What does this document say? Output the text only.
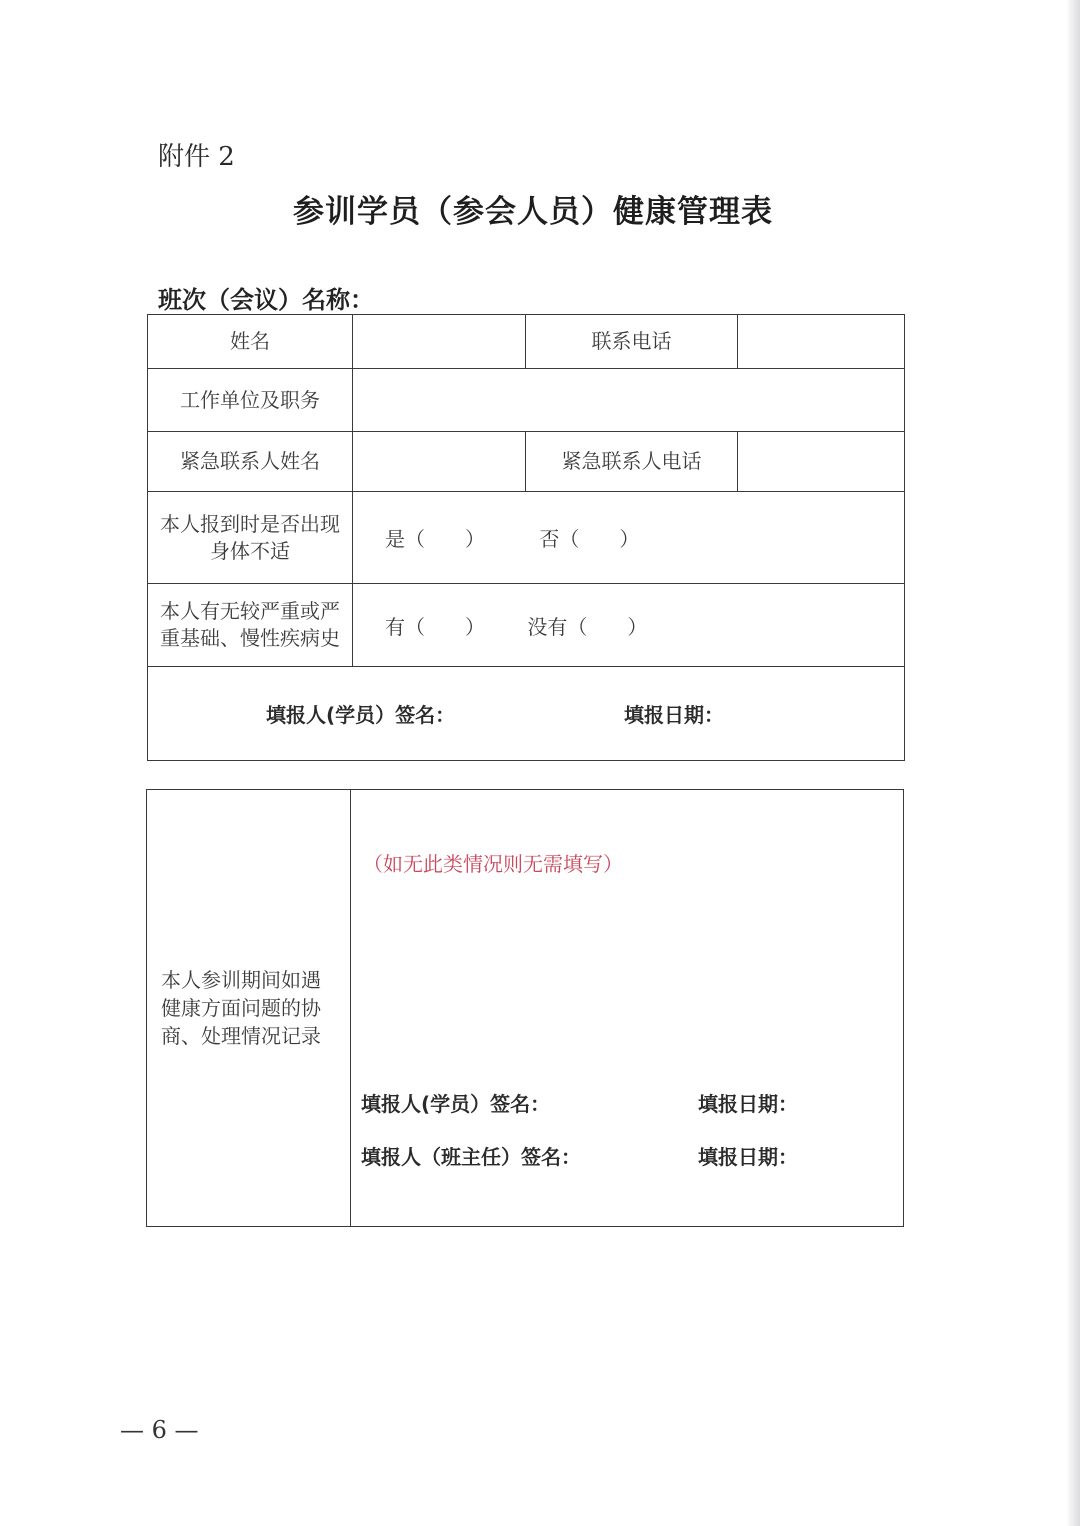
附件 2
参训学员（参会人员）健康管理表
班次（会议）名称：
姓名		联系电话	
工作单位及职务			
紧急联系人姓名		紧急联系人电话	
本人报到时是否出现身体不适	是（　　） 否（　　）		
本人有无较严重或严重基础、慢性疾病史	有（　　） 没有（　　）		

填报人(学员）签名： 填报日期：			
本人参训期间如遇健康方面问题的协商、处理情况记录	
（如无此类情况则无需填写）
填报人(学员）签名：	填报日期：
填报人（班主任）签名：	填报日期：
— 6 —
